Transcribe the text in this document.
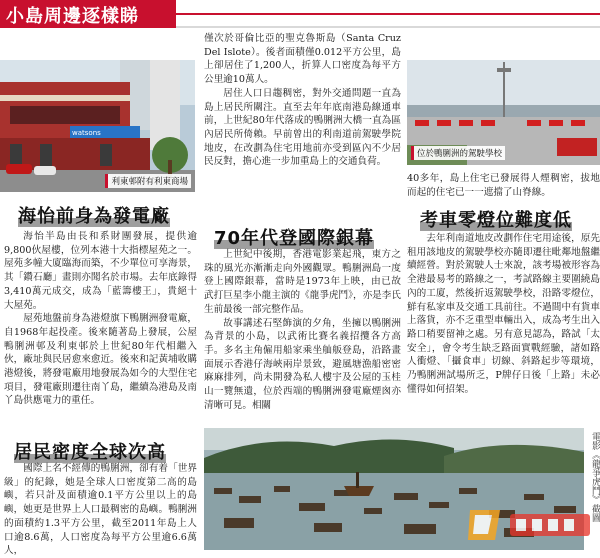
小島周邊逐樣睇
watsons
利東邨附有利東商場
海怡前身為發電廠

海怡半島由長和系財團發展，提供逾9,800伙屋樓，位列本港十大指標屋苑之一。屋苑多幢大廈臨海而築，不少單位可享海景，其「鑽石廳」畫則亦聞名於市場。去年底錄得3,410萬元成交，成為「藍籌樓王」，貴絕十大屋苑。

屋苑地盤前身為港燈旗下鴨脷洲發電廠，自1968年起投產。後來隨著島上發展，公屋鴨脷洲邨及利東邨於上世紀80年代相繼入伙，廠址與民居愈來愈近。後來和記黃埔收購港燈後，將發電廠用地發展為如今的大型住宅項目，發電廠則遷往南丫島，繼續為港島及南丫島供應電力的重任。

居民密度全球次高

國際上名不經傳的鴨脷洲，卻有着「世界級」的紀錄，她是全球人口密度第二高的島嶼，若只計及面積逾0.1平方公里以上的島嶼，她更是世界上人口最稠密的島嶼。鴨脷洲的面積約1.3平方公里，截至2011年島上人口逾8.6萬，人口密度為每平方公里逾6.6萬人，

僅次於哥倫比亞的聖克魯斯島（Santa Cruz Del Islote）。後者面積僅0.012平方公里，島上卻居住了1,200人，折算人口密度為每平方公里逾10萬人。

居住人口日趨稠密，對外交通問題一直為島上居民所關注。直至去年年底南港島線通車前，上世紀80年代落成的鴨脷洲大橋一直為區內居民所倚賴。早前曾出的利南道前駕駛學院地皮，在改劃為住宅用地前亦受到區內不少居民反對，擔心進一步加重島上的交通負荷。

70年代登國際銀幕

上世紀中後期，香港電影業起飛，東方之珠的風光亦漸漸走向外國觀眾。鴨脷洲島一度登上國際銀幕，當時是1973年上映，由已故武打巨星李小龍主演的《龍爭虎鬥》，亦是李氏生前最後一部完整作品。

故事講述石堅飾演的夕角，坐擁以鴨脷洲為背景的小島，以武術比賽名義招攬各方高手。多名主角僱用船家乘坐舢舨登島，沿路畫面展示香港仔海峽兩岸景致，避風塘漁船密密麻麻排列，尚未開發為私人樓宇及公屋的玉桂山一覽無遺，位於西端的鴨脷洲發電廠煙囪亦清晰可見。相關

位於鴨脷洲的駕駛學校

40多年，島上住宅已發展得人煙稠密，拔地而起的住宅已一一遮擋了山脊線。

考車零燈位難度低

去年利南道地皮改劃作住宅用途後，原先租用該地皮的駕駛學校亦隨即遷往毗鄰地盤繼續經營。對於駕駛人士來說，該考場被形容為全港最易考的路線之一，考試路線主要圍繞島內的工廈，然後折返駕駛學校，沿路零燈位，鮮有私家車及交通工具前往。不過間中有貨車上落貨，亦不乏重型車輛出入，成為考生出入路口稍要留神之處。另有意見認為，路試「太安全」，會令考生缺乏路面實戰經驗，諸如路人衝燈、「攝食車」切線、斜路起步等環境，乃鴨脷洲試場所乏，P牌仔日後「上路」未必懂得如何招架。

電影《龍爭虎鬥》截圖
